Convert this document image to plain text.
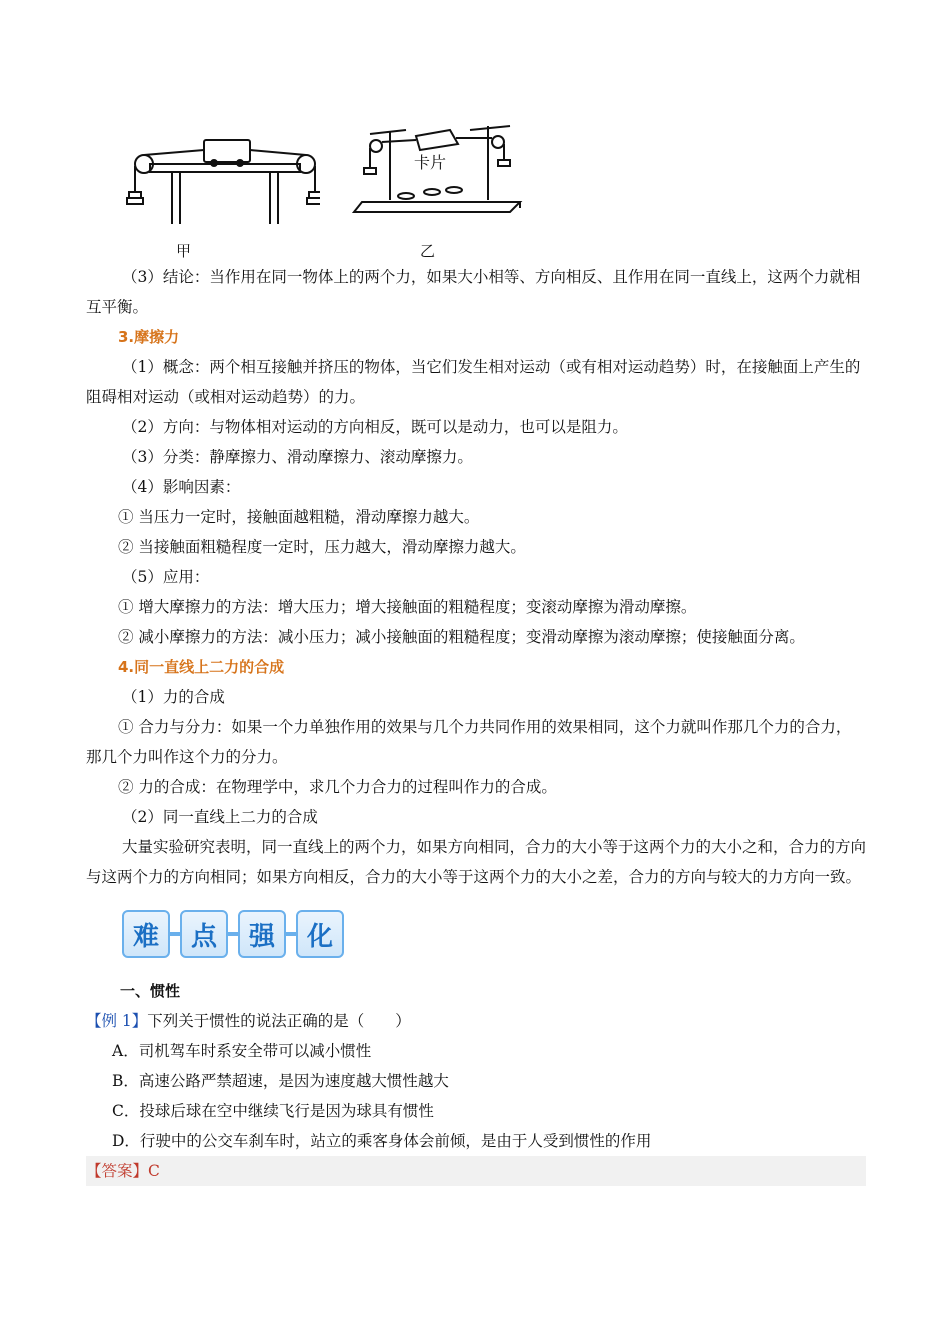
卡片
甲	乙

（3）结论：当作用在同一物体上的两个力，如果大小相等、方向相反、且作用在同一直线上，这两个力就相互平衡。

3.摩擦力

（1）概念：两个相互接触并挤压的物体，当它们发生相对运动（或有相对运动趋势）时，在接触面上产生的阻碍相对运动（或相对运动趋势）的力。

（2）方向：与物体相对运动的方向相反，既可以是动力，也可以是阻力。

（3）分类：静摩擦力、滑动摩擦力、滚动摩擦力。

（4）影响因素：

① 当压力一定时，接触面越粗糙，滑动摩擦力越大。

② 当接触面粗糙程度一定时，压力越大，滑动摩擦力越大。

（5）应用：

① 增大摩擦力的方法：增大压力；增大接触面的粗糙程度；变滚动摩擦为滑动摩擦。

② 减小摩擦力的方法：减小压力；减小接触面的粗糙程度；变滑动摩擦为滚动摩擦；使接触面分离。

4.同一直线上二力的合成

（1）力的合成

① 合力与分力：如果一个力单独作用的效果与几个力共同作用的效果相同，这个力就叫作那几个力的合力，那几个力叫作这个力的分力。

② 力的合成：在物理学中，求几个力合力的过程叫作力的合成。

（2）同一直线上二力的合成

大量实验研究表明，同一直线上的两个力，如果方向相同，合力的大小等于这两个力的大小之和，合力的方向与这两个力的方向相同；如果方向相反，合力的大小等于这两个力的大小之差，合力的方向与较大的力方向一致。

难	点	强	化
一、惯性

【例 1】下列关于惯性的说法正确的是（　　）

A．司机驾车时系安全带可以减小惯性

B．高速公路严禁超速，是因为速度越大惯性越大

C．投球后球在空中继续飞行是因为球具有惯性

D．行驶中的公交车刹车时，站立的乘客身体会前倾，是由于人受到惯性的作用

【答案】C
